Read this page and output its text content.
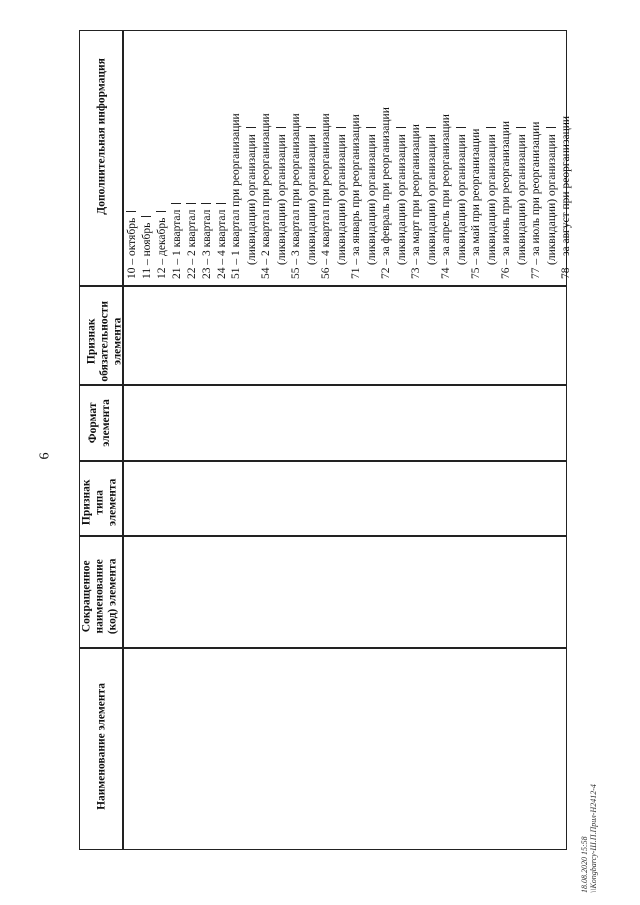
6
Дополнительная информация
Признак обязательности элемента
Формат элемента
Признак типа элемента
Сокращенное наименование (код) элемента
Наименование элемента
10 – октябрь 11 – ноябрь 12 – декабрь 21 – 1 квартал 22 – 2 квартал 23 – 3 квартал 24 – 4 квартал 51 – 1 квартал при реорганизации (ликвидации) организации 54 – 2 квартал при реорганизации (ликвидации) организации 55 – 3 квартал при реорганизации (ликвидации) организации 56 – 4 квартал при реорганизации (ликвидации) организации 71 – за январь при реорганизации (ликвидации) организации 72 – за февраль при реорганизации (ликвидации) организации 73 – за март при реорганизации (ликвидации) организации 74 – за апрель при реорганизации (ликвидации) организации 75 – за май при реорганизации (ликвидации) организации 76 – за июнь при реорганизации (ликвидации) организации 77 – за июль при реорганизации (ликвидации) организации 78 – за август при реорганизации
18.08.2020 15:58 \\Kongbarcy-Ш.П.Прил-Н2412-4
